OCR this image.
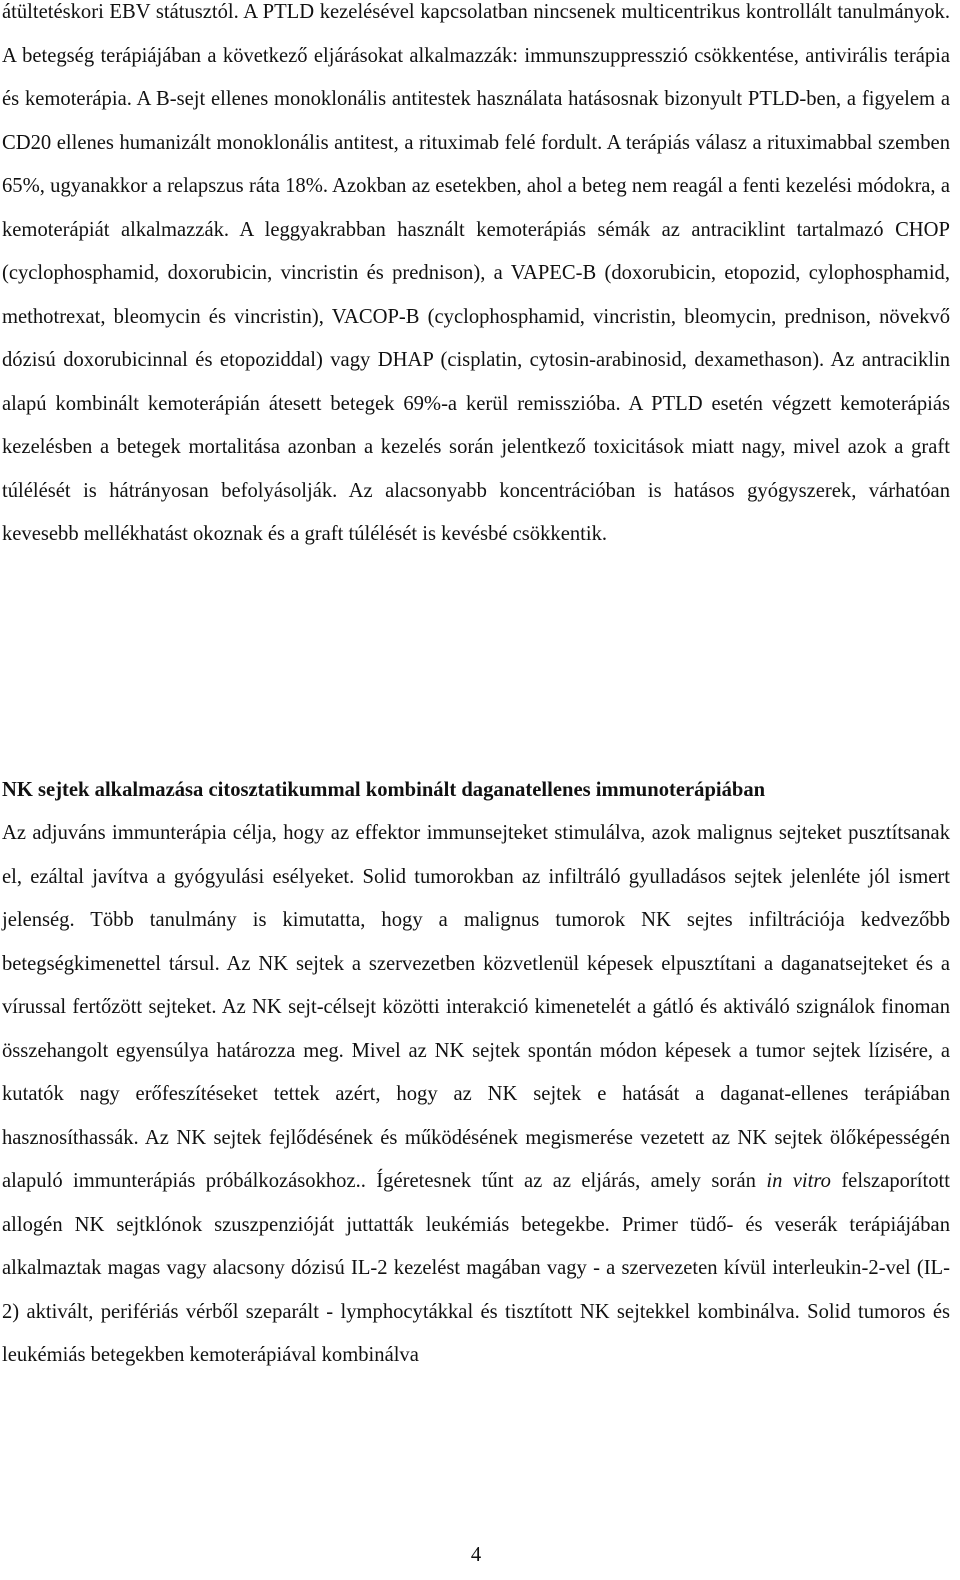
átültetéskori EBV státusztól. A PTLD kezelésével kapcsolatban nincsenek multicentrikus kontrollált tanulmányok. A betegség terápiájában a következő eljárásokat alkalmazzák: immunszuppresszió csökkentése, antivirális terápia és kemoterápia. A B-sejt ellenes monoklonális antitestek használata hatásosnak bizonyult PTLD-ben, a figyelem a CD20 ellenes humanizált monoklonális antitest, a rituximab felé fordult. A terápiás válasz a rituximabbal szemben 65%, ugyanakkor a relapszus ráta 18%. Azokban az esetekben, ahol a beteg nem reagál a fenti kezelési módokra, a kemoterápiát alkalmazzák. A leggyakrabban használt kemoterápiás sémák az antraciklint tartalmazó CHOP (cyclophosphamid, doxorubicin, vincristin és prednison), a VAPEC-B (doxorubicin, etopozid, cylophosphamid, methotrexat, bleomycin és vincristin), VACOP-B (cyclophosphamid, vincristin, bleomycin, prednison, növekvő dózisú doxorubicinnal és etopoziddal) vagy DHAP (cisplatin, cytosin-arabinosid, dexamethason). Az antraciklin alapú kombinált kemoterápián átesett betegek 69%-a kerül remisszióba. A PTLD esetén végzett kemoterápiás kezelésben a betegek mortalitása azonban a kezelés során jelentkező toxicitások miatt nagy, mivel azok a graft túlélését is hátrányosan befolyásolják. Az alacsonyabb koncentrációban is hatásos gyógyszerek, várhatóan kevesebb mellékhatást okoznak és a graft túlélését is kevésbé csökkentik.

NK sejtek alkalmazása citosztatikummal kombinált daganatellenes immunoterápiában

Az adjuváns immunterápia célja, hogy az effektor immunsejteket stimulálva, azok malignus sejteket pusztítsanak el, ezáltal javítva a gyógyulási esélyeket. Solid tumorokban az infiltráló gyulladásos sejtek jelenléte jól ismert jelenség. Több tanulmány is kimutatta, hogy a malignus tumorok NK sejtes infiltrációja kedvezőbb betegségkimenettel társul. Az NK sejtek a szervezetben közvetlenül képesek elpusztítani a daganatsejteket és a vírussal fertőzött sejteket. Az NK sejt-célsejt közötti interakció kimenetelét a gátló és aktiváló szignálok finoman összehangolt egyensúlya határozza meg. Mivel az NK sejtek spontán módon képesek a tumor sejtek lízisére, a kutatók nagy erőfeszítéseket tettek azért, hogy az NK sejtek e hatását a daganat-ellenes terápiában hasznosíthassák. Az NK sejtek fejlődésének és működésének megismerése vezetett az NK sejtek ölőképességén alapuló immunterápiás próbálkozásokhoz.. Ígéretesnek tűnt az az eljárás, amely során in vitro felszaporított allogén NK sejtklónok szuszpenzióját juttatták leukémiás betegekbe. Primer tüdő- és veserák terápiájában alkalmaztak magas vagy alacsony dózisú IL-2 kezelést magában vagy - a szervezeten kívül interleukin-2-vel (IL-2) aktivált, perifériás vérből szeparált - lymphocytákkal és tisztított NK sejtekkel kombinálva. Solid tumoros és leukémiás betegekben kemoterápiával kombinálva

4
